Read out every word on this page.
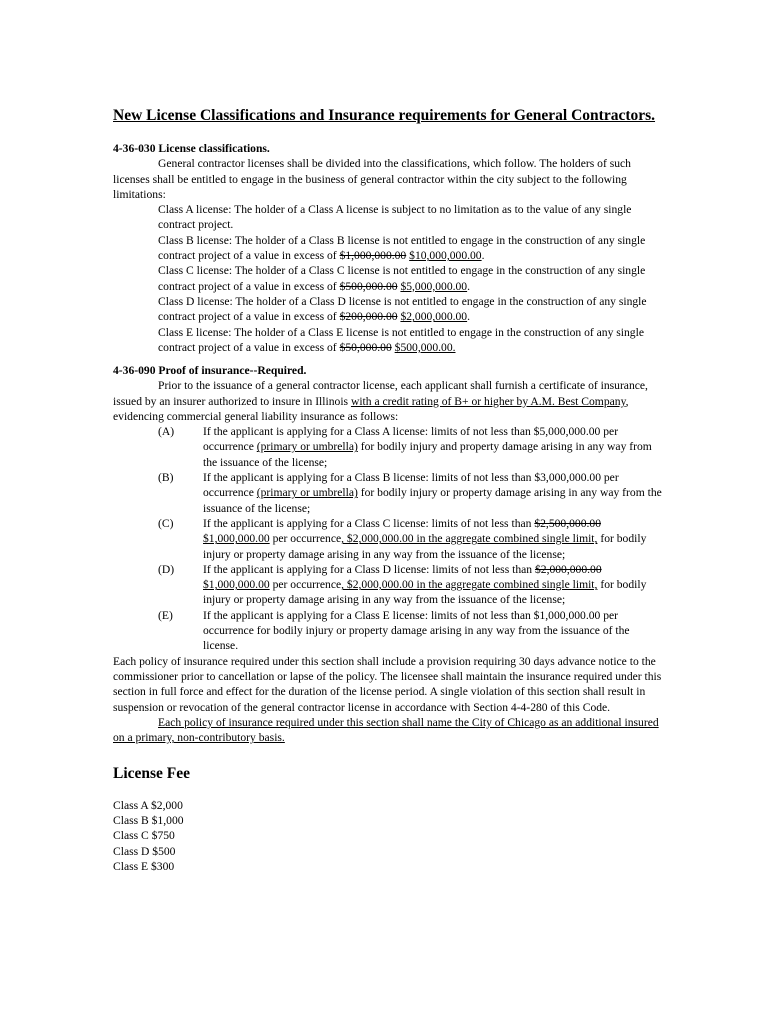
New License Classifications and Insurance requirements for General Contractors.
4-36-030 License classifications.
General contractor licenses shall be divided into the classifications, which follow. The holders of such licenses shall be entitled to engage in the business of general contractor within the city subject to the following limitations:
Class A license: The holder of a Class A license is subject to no limitation as to the value of any single contract project.
Class B license: The holder of a Class B license is not entitled to engage in the construction of any single contract project of a value in excess of $1,000,000.00 $10,000,000.00.
Class C license: The holder of a Class C license is not entitled to engage in the construction of any single contract project of a value in excess of $500,000.00 $5,000,000.00.
Class D license: The holder of a Class D license is not entitled to engage in the construction of any single contract project of a value in excess of $200,000.00 $2,000,000.00.
Class E license: The holder of a Class E license is not entitled to engage in the construction of any single contract project of a value in excess of $50,000.00 $500,000.00.
4-36-090 Proof of insurance--Required.
Prior to the issuance of a general contractor license, each applicant shall furnish a certificate of insurance, issued by an insurer authorized to insure in Illinois with a credit rating of B+ or higher by A.M. Best Company, evidencing commercial general liability insurance as follows:
(A) If the applicant is applying for a Class A license: limits of not less than $5,000,000.00 per occurrence (primary or umbrella) for bodily injury and property damage arising in any way from the issuance of the license;
(B)	If the applicant is applying for a Class B license: limits of not less than $3,000,000.00 per occurrence (primary or umbrella) for bodily injury or property damage arising in any way from the issuance of the license;
(C)	If the applicant is applying for a Class C license: limits of not less than $2,500,000.00 $1,000,000.00 per occurrence, $2,000,000.00 in the aggregate combined single limit, for bodily injury or property damage arising in any way from the issuance of the license;
(D) If the applicant is applying for a Class D license: limits of not less than $2,000,000.00 $1,000,000.00 per occurrence, $2,000,000.00 in the aggregate combined single limit, for bodily injury or property damage arising in any way from the issuance of the license;
(E)	If the applicant is applying for a Class E license: limits of not less than $1,000,000.00 per occurrence for bodily injury or property damage arising in any way from the issuance of the license.
Each policy of insurance required under this section shall include a provision requiring 30 days advance notice to the commissioner prior to cancellation or lapse of the policy. The licensee shall maintain the insurance required under this section in full force and effect for the duration of the license period. A single violation of this section shall result in suspension or revocation of the general contractor license in accordance with Section 4-4-280 of this Code.
Each policy of insurance required under this section shall name the City of Chicago as an additional insured on a primary, non-contributory basis.
License Fee
Class A $2,000
Class B $1,000
Class C $750
Class D $500
Class E $300
